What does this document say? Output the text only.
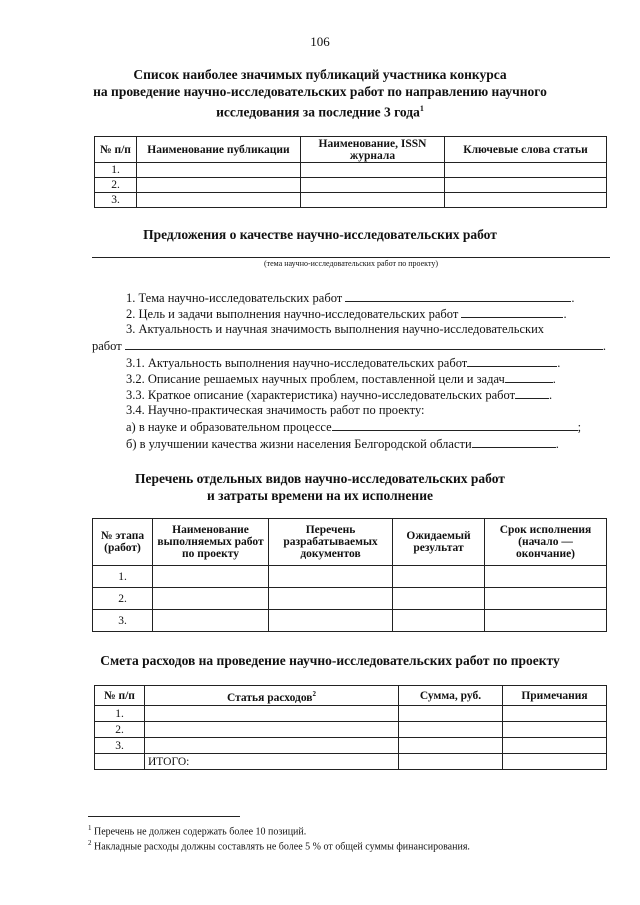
106
Список наиболее значимых публикаций участника конкурса
на проведение научно-исследовательских работ по направлению научного
исследования за последние 3 года$^1$
№ п/п	Наименование публикации	Наименование, ISSN журнала	Ключевые слова статьи
1.			
2.			
3.			
Предложения о качестве научно-исследовательских работ
(тема научно-исследовательских работ по проекту)
1. Тема научно-исследовательских работ	.
2. Цель и задачи выполнения научно-исследовательских работ	.
3. Актуальность и научная значимость выполнения научно-исследовательских
работ	.
3.1. Актуальность выполнения научно-исследовательских работ	.
3.2. Описание решаемых научных проблем, поставленной цели и задач	.
3.3. Краткое описание (характеристика) научно-исследовательских работ	.
3.4. Научно-практическая значимость работ по проекту:
а) в науке и образовательном процессе	;
б) в улучшении качества жизни населения Белгородской области	.
Перечень отдельных видов научно-исследовательских работ
и затраты времени на их исполнение
№ этапа (работ)	Наименование выполняемых работ по проекту	Перечень разрабатываемых документов	Ожидаемый результат	Срок исполнения (начало — окончание)
1.				
2.				
3.				
Смета расходов на проведение научно-исследовательских работ по проекту
№ п/п	Статья расходов$^2$	Сумма, руб.	Примечания
1.			
2.			
3.			
	ИТОГО:		
$^1$ Перечень не должен содержать более 10 позиций.
$^2$ Накладные расходы должны составлять не более 5 % от общей суммы финансирования.
